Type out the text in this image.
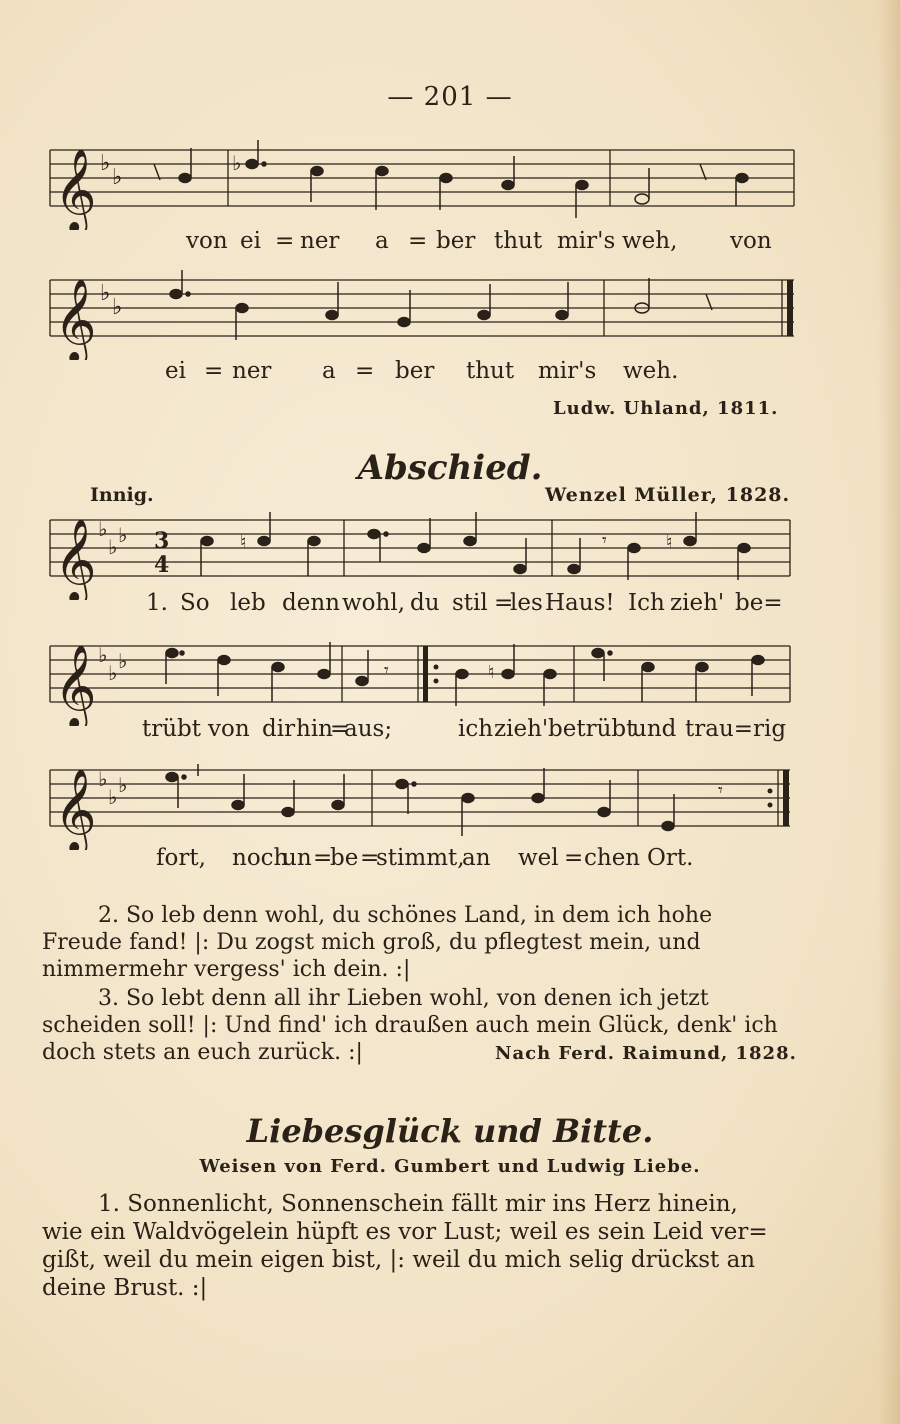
— 201 —
𝄞 ♭
♭
♭
von ei = ner a = ber thut mir's weh, von
𝄞 ♭
♭
ei = ner a = ber thut mir's weh.
Ludw. Uhland, 1811.
Abschied.
Innig.	Wenzel Müller, 1828.
𝄞 ♭
♭ ♭ 3
4
♮	𝄾	♮
1. So leb denn wohl, du stil =
les Haus! Ich zieh' be=
𝄞 ♭
♭ ♭	𝄾	♮
trübt von dir hin
=
aus;	ich zieh' betrübt
und trau=rig
𝄞 ♭
♭ ♭	𝄾
fort, noch
un =
be =
stimmt,
an wel = chen Ort.
2. So leb denn wohl, du schönes Land, in dem ich hohe
Freude fand! |: Du zogst mich groß, du pflegtest mein, und
nimmermehr vergess' ich dein. :|
3. So lebt denn all ihr Lieben wohl, von denen ich jetzt
scheiden soll! |: Und find' ich draußen auch mein Glück, denk' ich
doch stets an euch zurück. :|	Nach Ferd. Raimund, 1828.
Liebesglück und Bitte.
Weisen von Ferd. Gumbert und Ludwig Liebe.
1. Sonnenlicht, Sonnenschein fällt mir ins Herz hinein,
wie ein Waldvögelein hüpft es vor Lust; weil es sein Leid ver=
gißt, weil du mein eigen bist, |: weil du mich selig drückst an
deine Brust. :|
